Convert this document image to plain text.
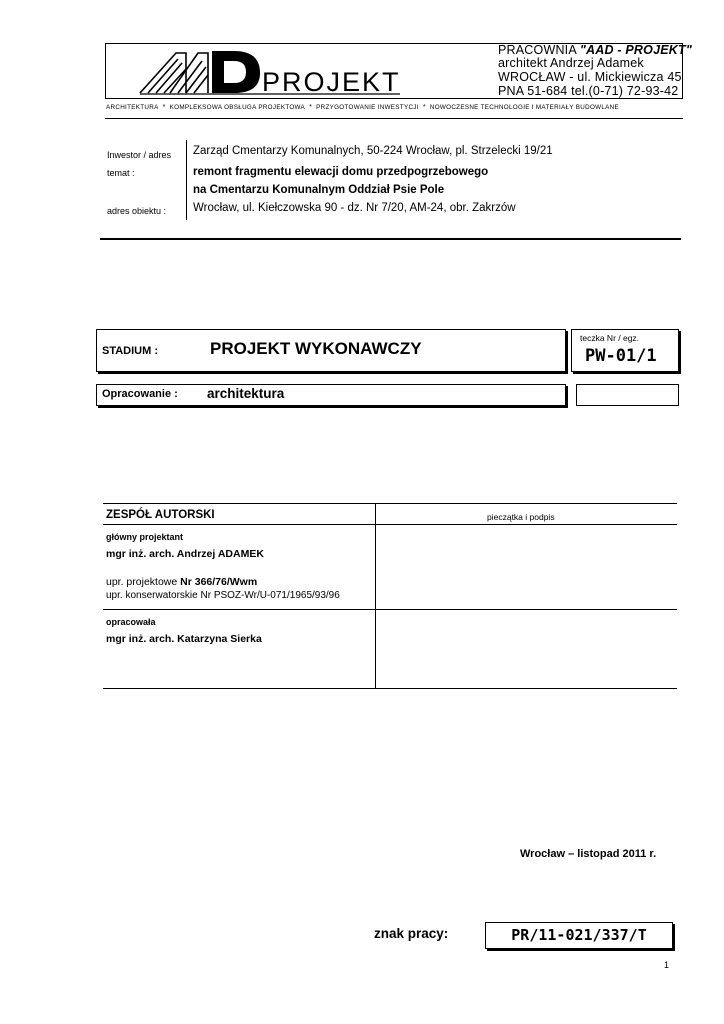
PROJEKT
PRACOWNIA "AAD - PROJEKT"
architekt Andrzej Adamek
WROCŁAW - ul. Mickiewicza 45
PNA 51-684 tel.(0-71) 72-93-42
ARCHITEKTURA * KOMPLEKSOWA OBSŁUGA PROJEKTOWA * PRZYGOTOWANIE INWESTYCJI * NOWOCZESNE TECHNOLOGIE I MATERIAŁY BUDOWLANE
Inwestor / adres Zarząd Cmentarzy Komunalnych, 50-224 Wrocław, pl. Strzelecki 19/21
temat :	remont fragmentu elewacji domu przedpogrzebowego
na Cmentarzu Komunalnym Oddział Psie Pole
adres obiektu : Wrocław, ul. Kiełczowska 90 - dz. Nr 7/20, AM-24, obr. Zakrzów
STADIUM :	PROJEKT WYKONAWCZY
teczka Nr / egz.
PW-01/1
Opracowanie : architektura
ZESPÓŁ AUTORSKI	pieczątka i podpis
główny projektant
mgr inż. arch. Andrzej ADAMEK
upr. projektowe Nr 366/76/Wwm
upr. konserwatorskie Nr PSOZ-Wr/U-071/1965/93/96
opracowała
mgr inż. arch. Katarzyna Sierka
Wrocław – listopad 2011 r.
znak pracy:	PR/11-021/337/T
1
